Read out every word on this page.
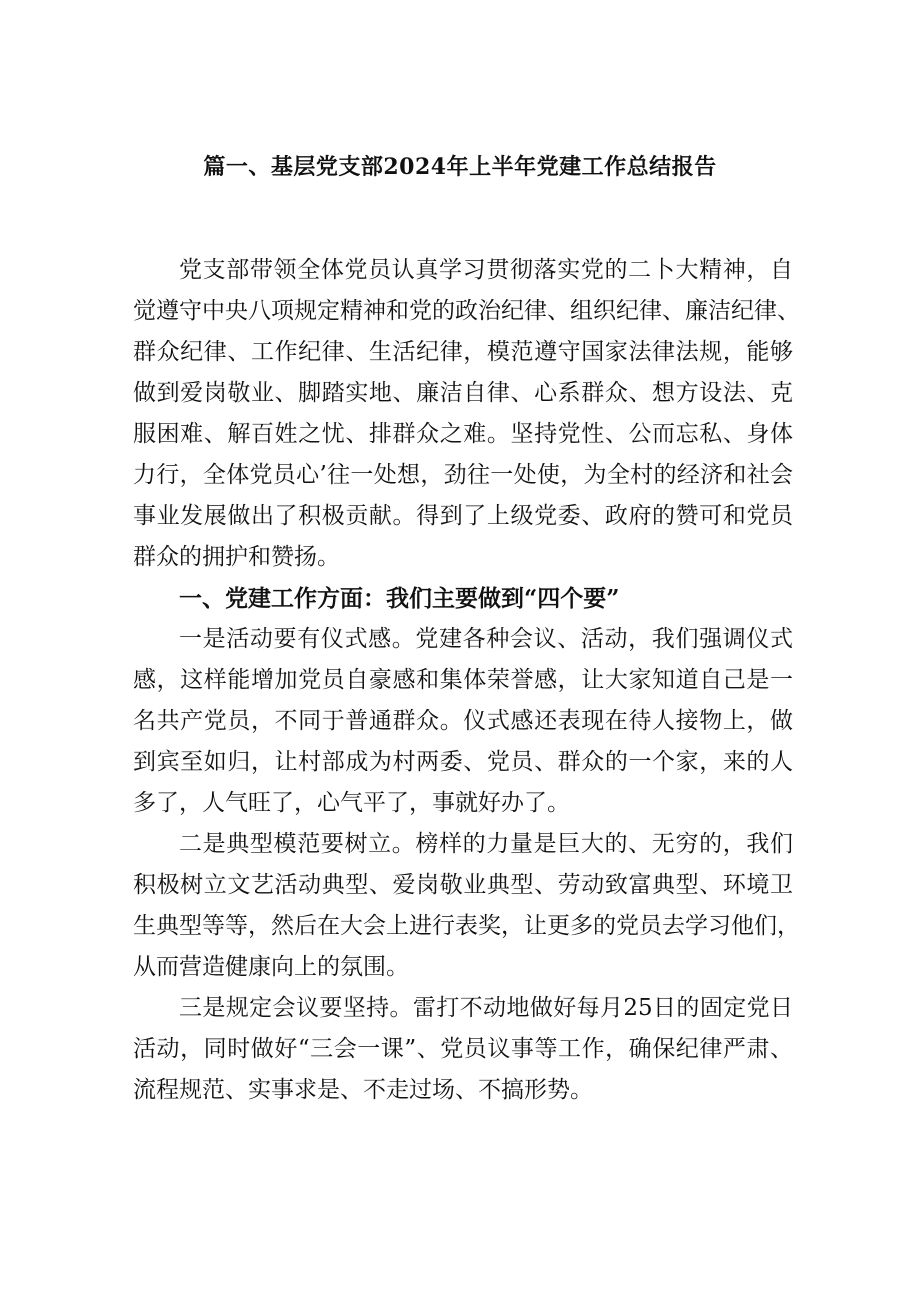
篇一、基层党支部2024年上半年党建工作总结报告
党支部带领全体党员认真学习贯彻落实党的二卜大精神，自
觉遵守中央八项规定精神和党的政治纪律、组织纪律、廉洁纪律、
群众纪律、工作纪律、生活纪律，模范遵守国家法律法规，能够
做到爱岗敬业、脚踏实地、廉洁自律、心系群众、想方设法、克
服困难、解百姓之忧、排群众之难。坚持党性、公而忘私、身体
力行，全体党员心’往一处想，劲往一处使，为全村的经济和社会
事业发展做出了积极贡献。得到了上级党委、政府的赞可和党员
群众的拥护和赞扬。
一、党建工作方面：我们主要做到“四个要”
一是活动要有仪式感。党建各种会议、活动，我们强调仪式
感，这样能增加党员自豪感和集体荣誉感，让大家知道自己是一
名共产党员，不同于普通群众。仪式感还表现在待人接物上，做
到宾至如归，让村部成为村两委、党员、群众的一个家，来的人
多了，人气旺了，心气平了，事就好办了。
二是典型模范要树立。榜样的力量是巨大的、无穷的，我们
积极树立文艺活动典型、爱岗敬业典型、劳动致富典型、环境卫
生典型等等，然后在大会上进行表奖，让更多的党员去学习他们，
从而营造健康向上的氛围。
三是规定会议要坚持。雷打不动地做好每月25日的固定党日
活动，同时做好“三会一课”、党员议事等工作，确保纪律严肃、
流程规范、实事求是、不走过场、不搞形势。
